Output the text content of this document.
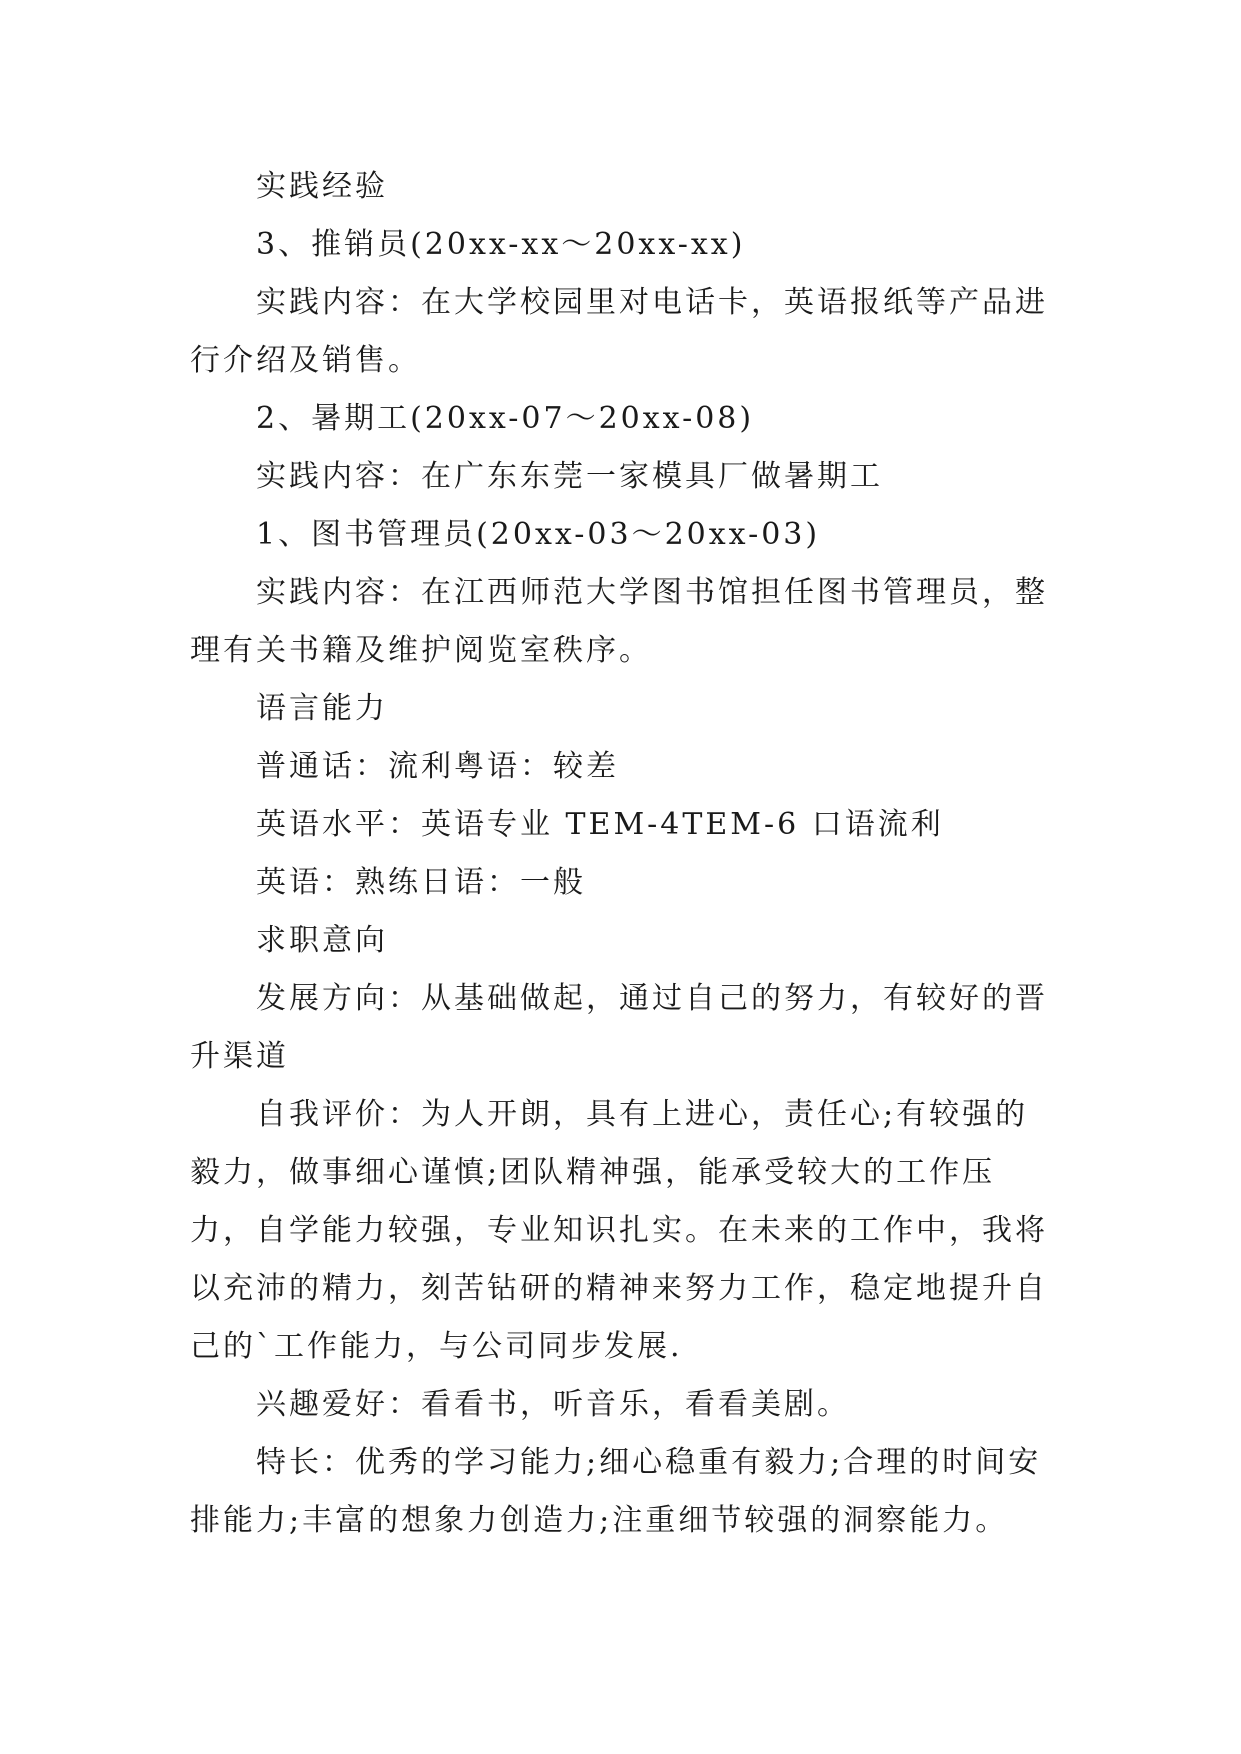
实践经验

3、推销员(20xx-xx～20xx-xx)

实践内容：在大学校园里对电话卡，英语报纸等产品进行介绍及销售。

2、暑期工(20xx-07～20xx-08)

实践内容：在广东东莞一家模具厂做暑期工

1、图书管理员(20xx-03～20xx-03)

实践内容：在江西师范大学图书馆担任图书管理员，整理有关书籍及维护阅览室秩序。

语言能力

普通话：流利粤语：较差

英语水平：英语专业 TEM-4TEM-6 口语流利

英语：熟练日语：一般

求职意向

发展方向：从基础做起，通过自己的努力，有较好的晋升渠道

自我评价：为人开朗，具有上进心，责任心;有较强的毅力，做事细心谨慎;团队精神强，能承受较大的工作压力，自学能力较强，专业知识扎实。在未来的工作中，我将以充沛的精力，刻苦钻研的精神来努力工作，稳定地提升自己的`工作能力，与公司同步发展.

兴趣爱好：看看书，听音乐，看看美剧。

特长：优秀的学习能力;细心稳重有毅力;合理的时间安排能力;丰富的想象力创造力;注重细节较强的洞察能力。
